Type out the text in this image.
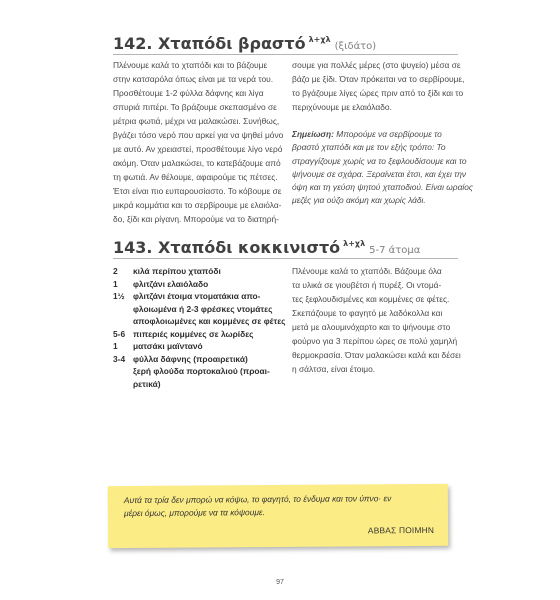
142. Χταπόδι βραστό $^{\lambda+\chi\lambda}$(ξιδάτο)
Πλένουμε καλά το χταπόδι και το βάζουμε
στην κατσαρόλα όπως είναι με τα νερά του.
Προσθέτουμε 1-2 φύλλα δάφνης και λίγα
σπυριά πιπέρι. Το βράζουμε σκεπασμένο σε
μέτρια φωτιά, μέχρι να μαλακώσει. Συνήθως,
βγάζει τόσο νερό που αρκεί για να ψηθεί μόνο
με αυτό. Αν χρειαστεί, προσθέτουμε λίγο νερό
ακόμη. Όταν μαλακώσει, το κατεβάζουμε από
τη φωτιά. Αν θέλουμε, αφαιρούμε τις πέτσες.
Έτσι είναι πιο ευπαρουσίαστο. Το κόβουμε σε
μικρά κομμάτια και το σερβίρουμε με ελαιόλα-
δο, ξίδι και ρίγανη. Μπορούμε να το διατηρή-
σουμε για πολλές μέρες (στο ψυγείο) μέσα σε
βάζο με ξίδι. Όταν πρόκειται να το σερβίρουμε,
το βγάζουμε λίγες ώρες πριν από το ξίδι και το
περιχύνουμε με ελαιόλαδο.
Σημείωση: Μπορούμε να σερβίρουμε το
βραστό χταπόδι και με τον εξής τρόπο: Το
στραγγίζουμε χωρίς να το ξεφλουδίσουμε και το
ψήνουμε σε σχάρα. Ξεραίνεται έτσι, και έχει την
όψη και τη γεύση ψητού χταποδιού. Είναι ωραίος
μεζές για ούζο ακόμη και χωρίς λάδι.
143. Χταπόδι κοκκινιστό $^{\lambda+\chi\lambda}$5-7 άτομα
2	κιλά περίπου χταπόδι
1	φλιτζάνι ελαιόλαδο
1½ φλιτζάνι έτοιμα ντοματάκια απο-
φλοιωμένα ή 2-3 φρέσκες ντομάτες
αποφλοιωμένες και κομμένες σε φέτες
5-6 πιπεριές κομμένες σε λωρίδες
1	ματσάκι μαϊντανό
3-4 φύλλα δάφνης (προαιρετικά)
ξερή φλούδα πορτοκαλιού (προαι-
ρετικά)
Πλένουμε καλά το χταπόδι. Βάζουμε όλα
τα υλικά σε γιουβέτσι ή πυρέξ. Οι ντομά-
τες ξεφλουδισμένες και κομμένες σε φέτες.
Σκεπάζουμε το φαγητό με λαδόκολλα και
μετά με αλουμινόχαρτο και το ψήνουμε στο
φούρνο για 3 περίπου ώρες σε πολύ χαμηλή
θερμοκρασία. Όταν μαλακώσει καλά και δέσει
η σάλτσα, είναι έτοιμο.
Αυτά τα τρία δεν μπορώ να κόψω, το φαγητό, το ένδυμα και τον ύπνο· εν
μέρει όμως, μπορούμε να τα κόψουμε.
ΑΒΒΑΣ ΠΟΙΜΗΝ
97
